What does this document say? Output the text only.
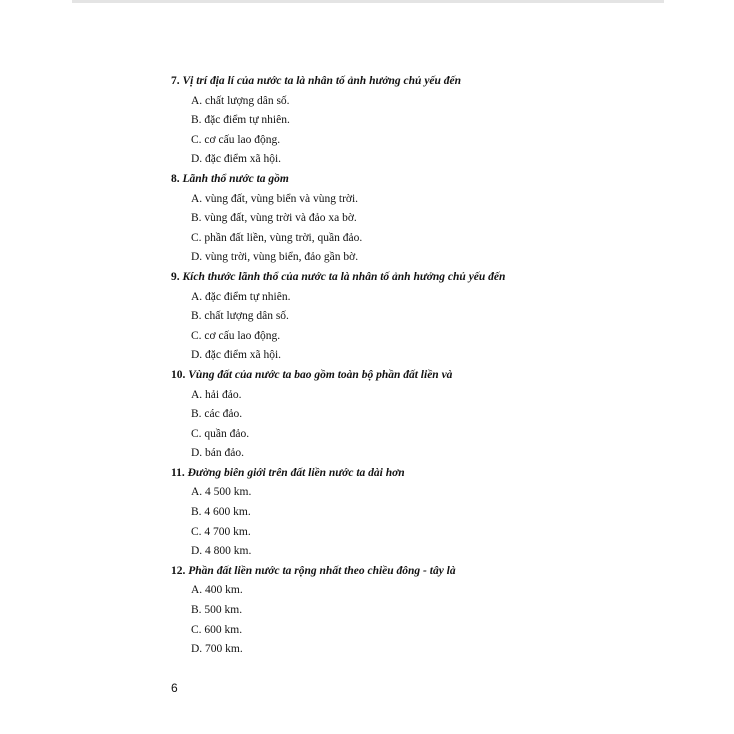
7. Vị trí địa lí của nước ta là nhân tố ảnh hưởng chủ yếu đến
A. chất lượng dân số.
B. đặc điểm tự nhiên.
C. cơ cấu lao động.
D. đặc điểm xã hội.
8. Lãnh thổ nước ta gồm
A. vùng đất, vùng biển và vùng trời.
B. vùng đất, vùng trời và đảo xa bờ.
C. phần đất liền, vùng trời, quần đảo.
D. vùng trời, vùng biển, đảo gần bờ.
9. Kích thước lãnh thổ của nước ta là nhân tố ảnh hưởng chủ yếu đến
A. đặc điểm tự nhiên.
B. chất lượng dân số.
C. cơ cấu lao động.
D. đặc điểm xã hội.
10. Vùng đất của nước ta bao gồm toàn bộ phần đất liền và
A. hải đảo.
B. các đảo.
C. quần đảo.
D. bán đảo.
11. Đường biên giới trên đất liền nước ta dài hơn
A. 4 500 km.
B. 4 600 km.
C. 4 700 km.
D. 4 800 km.
12. Phần đất liền nước ta rộng nhất theo chiều đông - tây là
A. 400 km.
B. 500 km.
C. 600 km.
D. 700 km.
6
